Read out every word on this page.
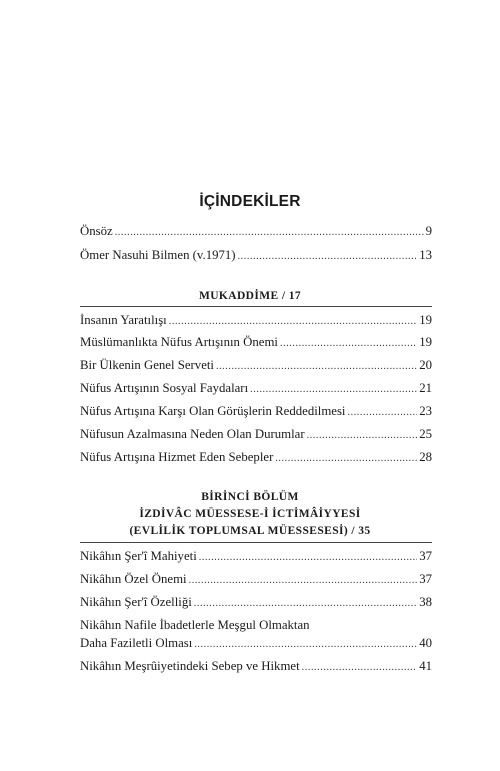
İÇİNDEKİLER
Önsöz .....	9
Ömer Nasuhi Bilmen (v.1971) .....	13
MUKADDİME / 17
İnsanın Yaratılışı .....	19
Müslümanlıkta Nüfus Artışının Önemi .....	19
Bir Ülkenin Genel Serveti .....	20
Nüfus Artışının Sosyal Faydaları .....	21
Nüfus Artışına Karşı Olan Görüşlerin Reddedilmesi .....	23
Nüfusun Azalmasına Neden Olan Durumlar .....	25
Nüfus Artışına Hizmet Eden Sebepler .....	28
BİRİNCİ BÖLÜM
İZDİVÂC MÜESSESE-İ İCTİMÂİYYESİ
(EVLİLİK TOPLUMSAL MÜESSESESİ) / 35
Nikâhın Şer'î Mahiyeti .....	37
Nikâhın Özel Önemi .....	37
Nikâhın Şer'î Özelliği .....	38
Nikâhın Nafile İbadetlerle Meşgul Olmaktan
Daha Faziletli Olması .....	40
Nikâhın Meşrûiyetindeki Sebep ve Hikmet .....	41
